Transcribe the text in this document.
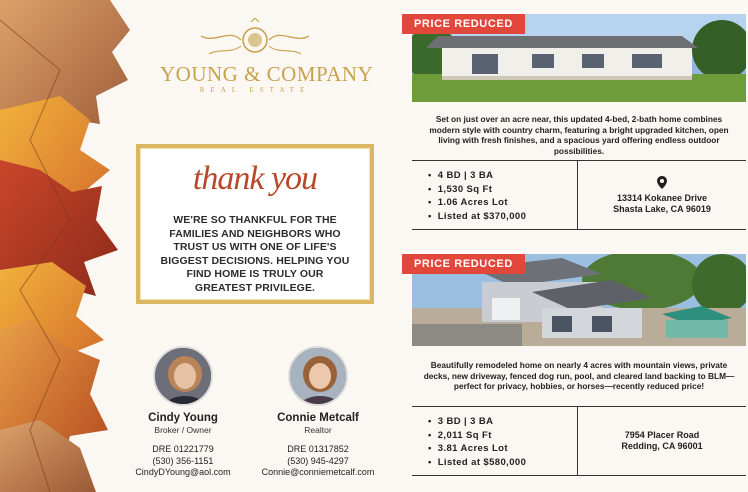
YOUNG & COMPANY
REAL ESTATE
thank you
WE'RE SO THANKFUL FOR THE FAMILIES AND NEIGHBORS WHO TRUST US WITH ONE OF LIFE'S BIGGEST DECISIONS. HELPING YOU FIND HOME IS TRULY OUR GREATEST PRIVILEGE.
Cindy Young
Broker / Owner
DRE 01221779
(530) 356-1151
CindyDYoung@aol.com
Connie Metcalf
Realtor
DRE 01317852
(530) 945-4297
Connie@conniemetcalf.com
PRICE REDUCED
Set on just over an acre near, this updated 4-bed, 2-bath home combines modern style with country charm, featuring a bright upgraded kitchen, open living with fresh finishes, and a spacious yard offering endless outdoor possibilities.
• 4 BD | 3 BA
• 1,530 Sq Ft
• 1.06 Acres Lot
• Listed at $370,000
13314 Kokanee Drive
Shasta Lake, CA 96019
PRICE REDUCED
Beautifully remodeled home on nearly 4 acres with mountain views, private decks, new driveway, fenced dog run, pool, and cleared land backing to BLM—perfect for privacy, hobbies, or horses—recently reduced price!
• 3 BD | 3 BA
• 2,011 Sq Ft
• 3.81 Acres Lot
• Listed at $580,000
7954 Placer Road
Redding, CA 96001
